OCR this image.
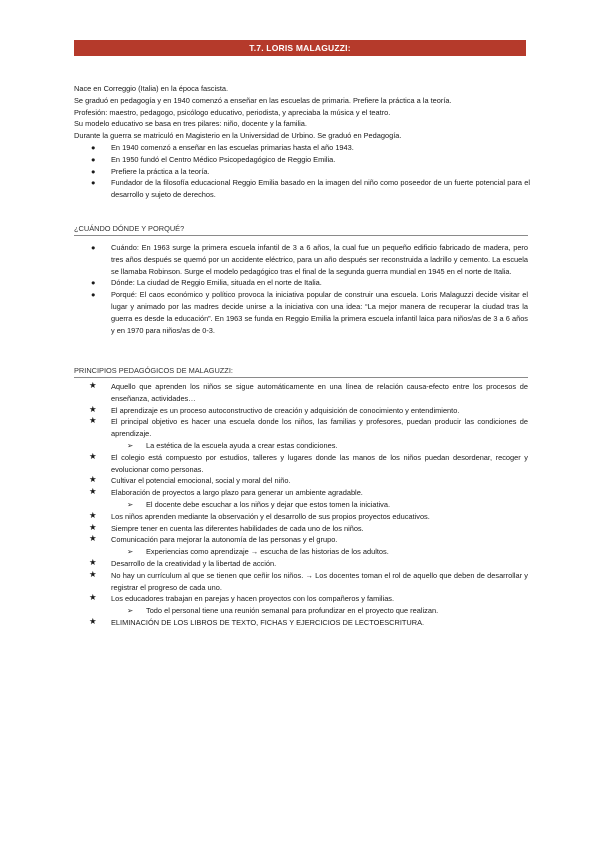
T.7. LORIS MALAGUZZI:

Nace en Correggio (Italia) en la época fascista.

Se graduó en pedagogía y en 1940 comenzó a enseñar en las escuelas de primaria. Prefiere la práctica a la teoría.

Profesión: maestro, pedagogo, psicólogo educativo, periodista, y apreciaba la música y el teatro.

Su modelo educativo se basa en tres pilares: niño, docente y la familia.

Durante la guerra se matriculó en Magisterio en la Universidad de Urbino. Se graduó en Pedagogía.

● En 1940 comenzó a enseñar en las escuelas primarias hasta el año 1943.
● En 1950 fundó el Centro Médico Psicopedagógico de Reggio Emilia.
● Prefiere la práctica a la teoría.
● Fundador de la filosofía educacional Reggio Emilia basado en la imagen del niño como poseedor de un fuerte potencial para el desarrollo y sujeto de derechos.
¿CUÁNDO DÓNDE Y PORQUÉ?
● Cuándo: En 1963 surge la primera escuela infantil de 3 a 6 años, la cual fue un pequeño edificio fabricado de madera, pero tres años después se quemó por un accidente eléctrico, para un año después ser reconstruida a ladrillo y cemento. La escuela se llamaba Robinson. Surge el modelo pedagógico tras el final de la segunda guerra mundial en 1945 en el norte de Italia.
● Dónde: La ciudad de Reggio Emilia, situada en el norte de Italia.
● Porqué: El caos económico y político provoca la iniciativa popular de construir una escuela. Loris Malaguzzi decide visitar el lugar y animado por las madres decide unirse a la iniciativa con una idea: “La mejor manera de recuperar la ciudad tras la guerra es desde la educación”. En 1963 se funda en Reggio Emilia la primera escuela infantil laica para niños/as de 3 a 6 años y en 1970 para niños/as de 0-3.
PRINCIPIOS PEDAGÓGICOS DE MALAGUZZI:
★ Aquello que aprenden los niños se sigue automáticamente en una línea de relación causa-efecto entre los procesos de enseñanza, actividades…
★ El aprendizaje es un proceso autoconstructivo de creación y adquisición de conocimiento y entendimiento.
★ El principal objetivo es hacer una escuela donde los niños, las familias y profesores, puedan producir las condiciones de aprendizaje.
➢ La estética de la escuela ayuda a crear estas condiciones.
★ El colegio está compuesto por estudios, talleres y lugares donde las manos de los niños puedan desordenar, recoger y evolucionar como personas.
★ Cultivar el potencial emocional, social y moral del niño.
★ Elaboración de proyectos a largo plazo para generar un ambiente agradable.
➢ El docente debe escuchar a los niños y dejar que estos tomen la iniciativa.
★ Los niños aprenden mediante la observación y el desarrollo de sus propios proyectos educativos.
★ Siempre tener en cuenta las diferentes habilidades de cada uno de los niños.
★ Comunicación para mejorar la autonomía de las personas y el grupo.
➢ Experiencias como aprendizaje → escucha de las historias de los adultos.
★ Desarrollo de la creatividad y la libertad de acción.
★ No hay un currículum al que se tienen que ceñir los niños. → Los docentes toman el rol de aquello que deben de desarrollar y registrar el progreso de cada uno.
★ Los educadores trabajan en parejas y hacen proyectos con los compañeros y familias.
➢ Todo el personal tiene una reunión semanal para profundizar en el proyecto que realizan.
★ ELIMINACIÓN DE LOS LIBROS DE TEXTO, FICHAS Y EJERCICIOS DE LECTOESCRITURA.
